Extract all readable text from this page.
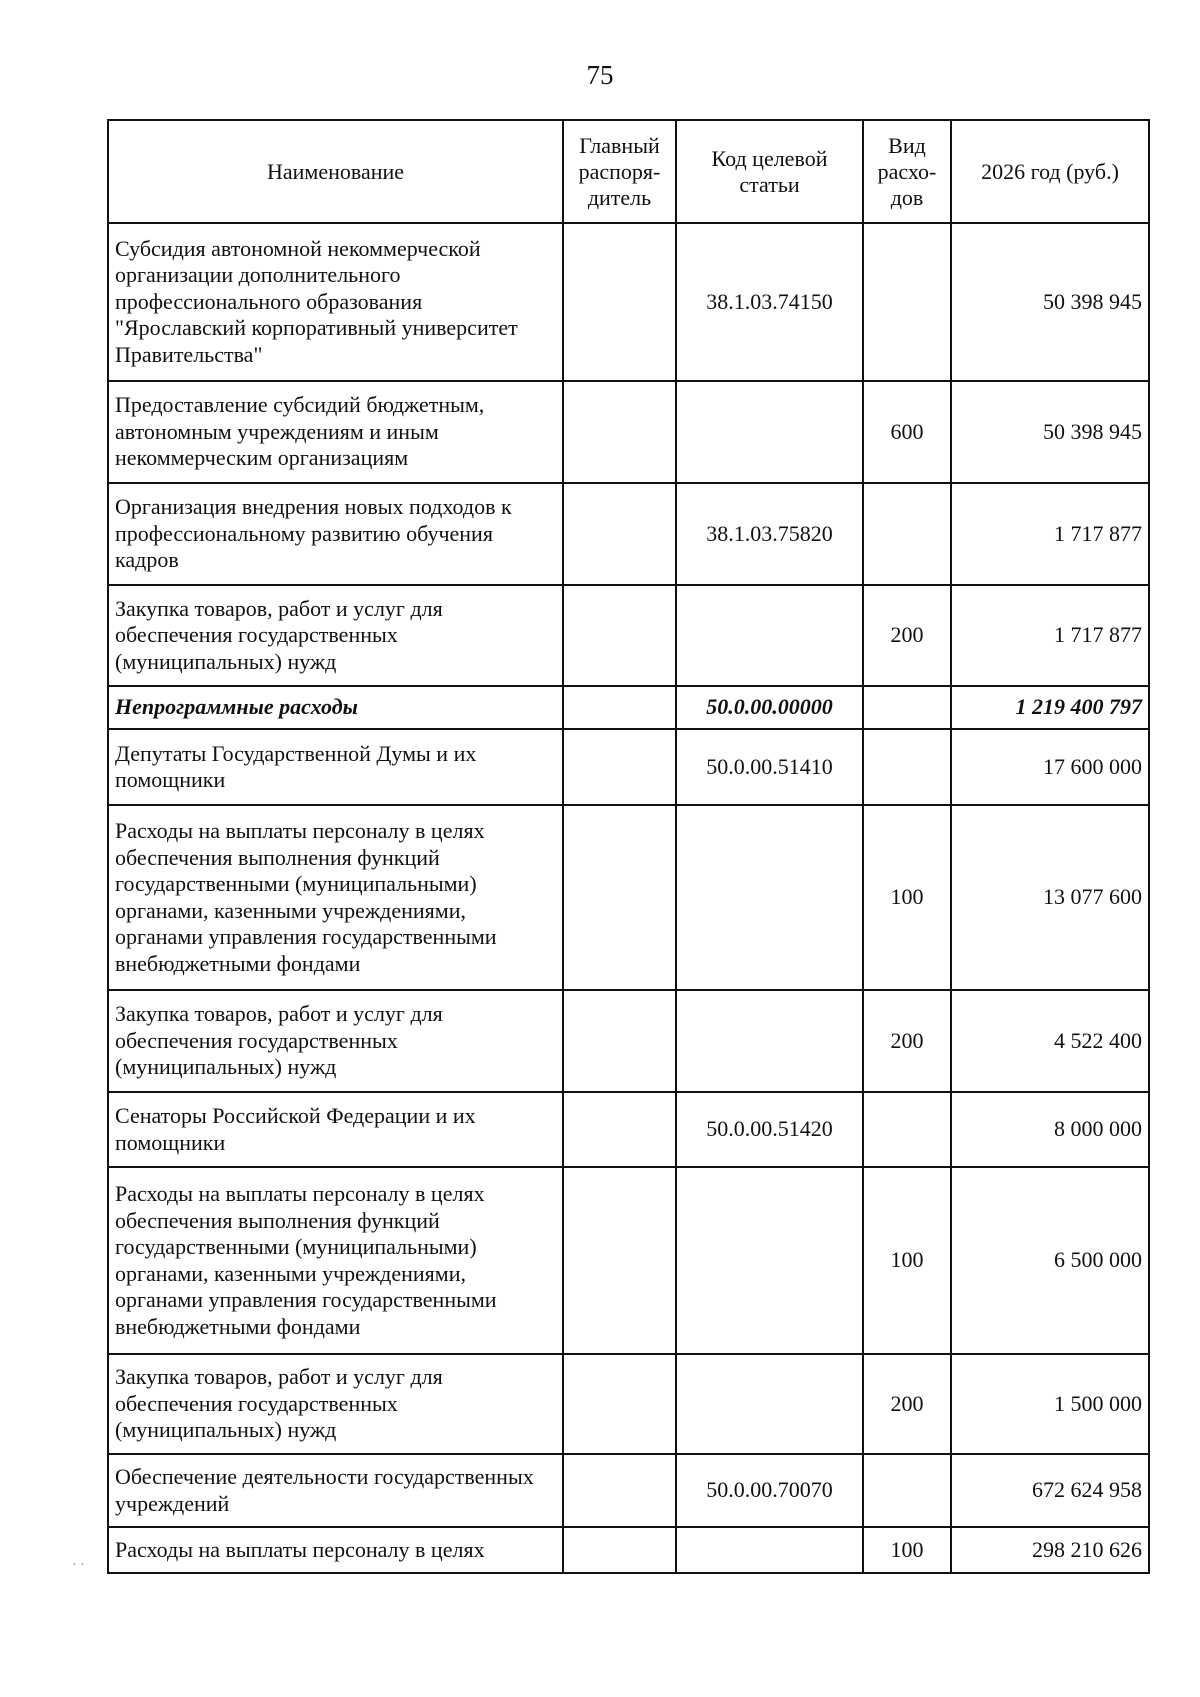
75
Наименование	Главный распоря-дитель	Код целевой статьи	Вид расхо-дов	2026 год (руб.)
Субсидия автономной некоммерческой организации дополнительного профессионального образования "Ярославский корпоративный университет Правительства"		38.1.03.74150		50 398 945
Предоставление субсидий бюджетным, автономным учреждениям и иным некоммерческим организациям			600	50 398 945
Организация внедрения новых подходов к профессиональному развитию обучения кадров		38.1.03.75820		1 717 877
Закупка товаров, работ и услуг для обеспечения государственных (муниципальных) нужд			200	1 717 877
Непрограммные расходы		50.0.00.00000		1 219 400 797
Депутаты Государственной Думы и их помощники		50.0.00.51410		17 600 000
Расходы на выплаты персоналу в целях обеспечения выполнения функций государственными (муниципальными) органами, казенными учреждениями, органами управления государственными внебюджетными фондами			100	13 077 600
Закупка товаров, работ и услуг для обеспечения государственных (муниципальных) нужд			200	4 522 400
Сенаторы Российской Федерации и их помощники		50.0.00.51420		8 000 000
Расходы на выплаты персоналу в целях обеспечения выполнения функций государственными (муниципальными) органами, казенными учреждениями, органами управления государственными внебюджетными фондами			100	6 500 000
Закупка товаров, работ и услуг для обеспечения государственных (муниципальных) нужд			200	1 500 000
Обеспечение деятельности государственных учреждений		50.0.00.70070		672 624 958
Расходы на выплаты персоналу в целях			100	298 210 626
· ·
